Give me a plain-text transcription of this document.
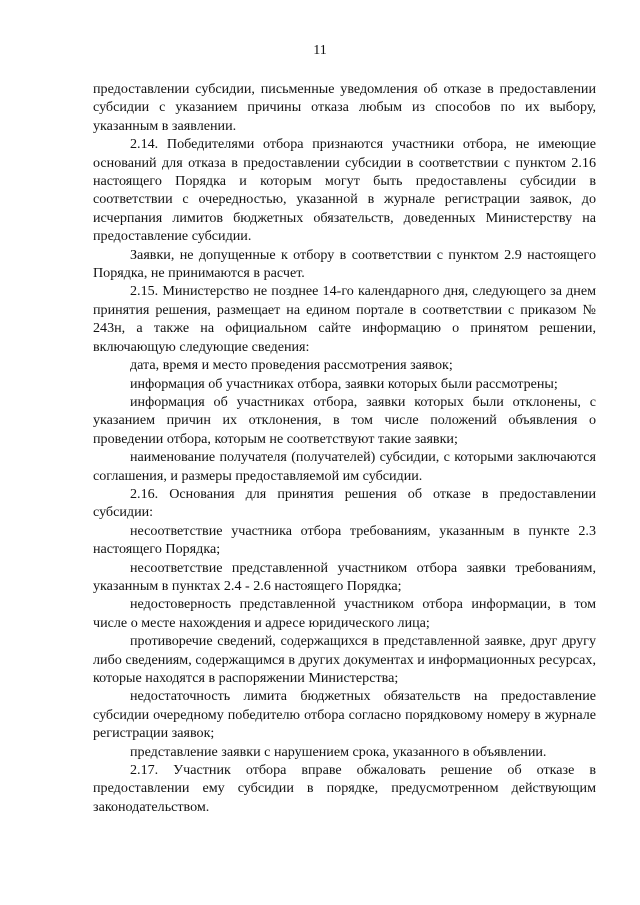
11

предоставлении субсидии, письменные уведомления об отказе в предоставлении субсидии с указанием причины отказа любым из способов по их выбору, указанным в заявлении.

2.14. Победителями отбора признаются участники отбора, не имеющие оснований для отказа в предоставлении субсидии в соответствии с пунктом 2.16 настоящего Порядка и которым могут быть предоставлены субсидии в соответствии с очередностью, указанной в журнале регистрации заявок, до исчерпания лимитов бюджетных обязательств, доведенных Министерству на предоставление субсидии.

Заявки, не допущенные к отбору в соответствии с пунктом 2.9 настоящего Порядка, не принимаются в расчет.

2.15. Министерство не позднее 14-го календарного дня, следующего за днем принятия решения, размещает на едином портале в соответствии с приказом № 243н, а также на официальном сайте информацию о принятом решении, включающую следующие сведения:

дата, время и место проведения рассмотрения заявок;

информация об участниках отбора, заявки которых были рассмотрены;

информация об участниках отбора, заявки которых были отклонены, с указанием причин их отклонения, в том числе положений объявления о проведении отбора, которым не соответствуют такие заявки;

наименование получателя (получателей) субсидии, с которыми заключаются соглашения, и размеры предоставляемой им субсидии.

2.16. Основания для принятия решения об отказе в предоставлении субсидии:

несоответствие участника отбора требованиям, указанным в пункте 2.3 настоящего Порядка;

несоответствие представленной участником отбора заявки требованиям, указанным в пунктах 2.4 - 2.6 настоящего Порядка;

недостоверность представленной участником отбора информации, в том числе о месте нахождения и адресе юридического лица;

противоречие сведений, содержащихся в представленной заявке, друг другу либо сведениям, содержащимся в других документах и информационных ресурсах, которые находятся в распоряжении Министерства;

недостаточность лимита бюджетных обязательств на предоставление субсидии очередному победителю отбора согласно порядковому номеру в журнале регистрации заявок;

представление заявки с нарушением срока, указанного в объявлении.

2.17. Участник отбора вправе обжаловать решение об отказе в предоставлении ему субсидии в порядке, предусмотренном действующим законодательством.
